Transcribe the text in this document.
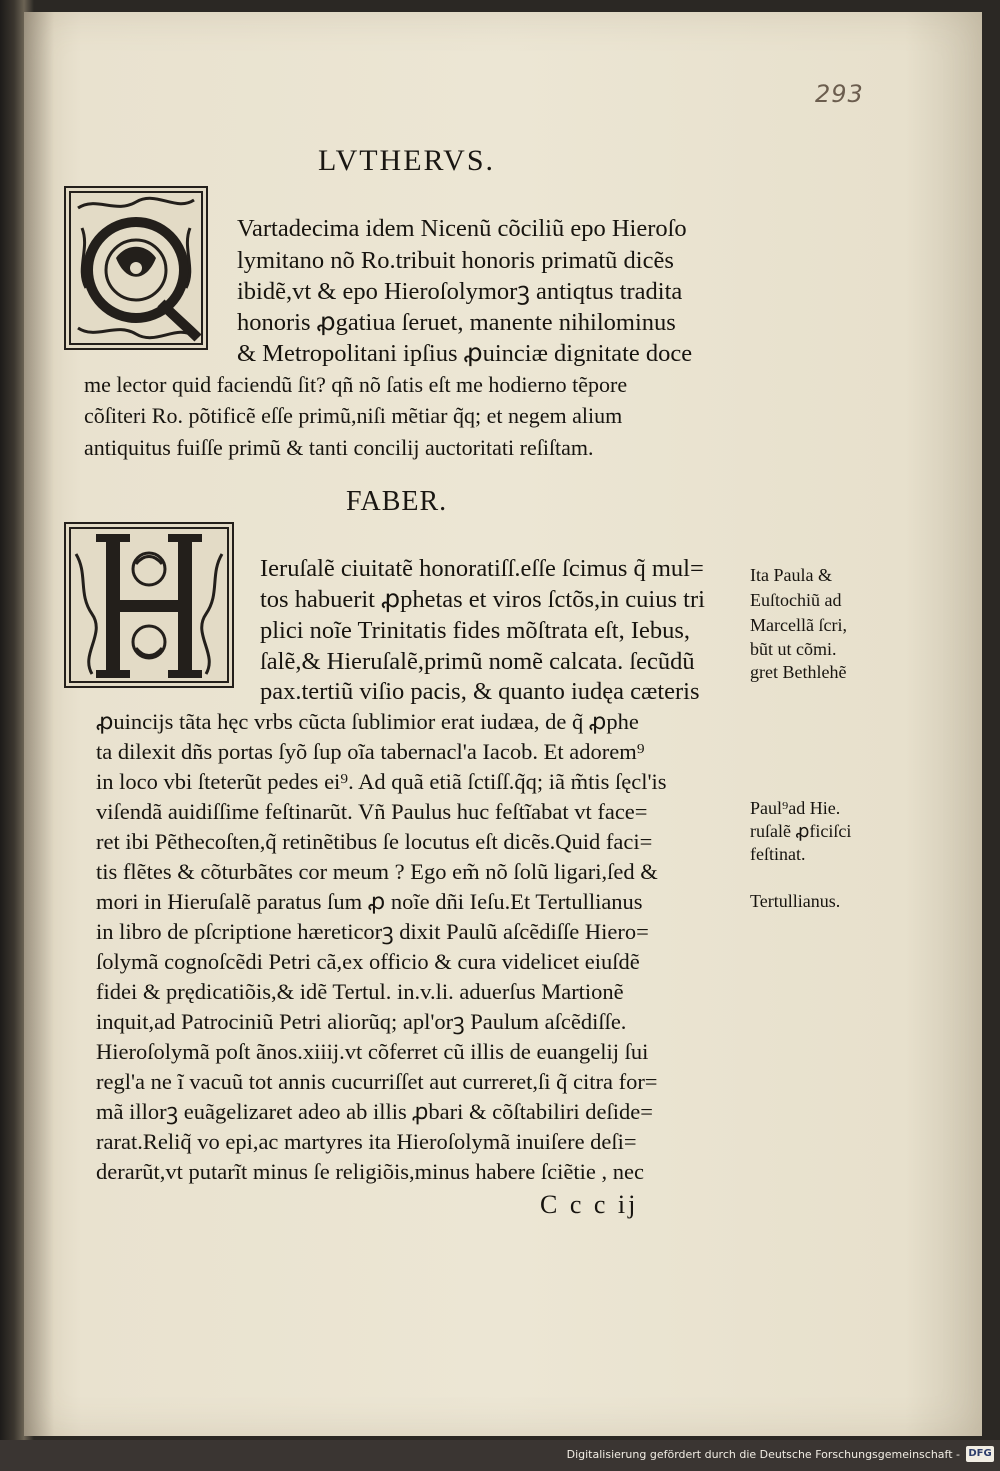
293
LVTHERVS.
Vartadecima idem Nicenũ cõciliũ epo Hieroſo
lymitano nõ Ro.tribuit honoris primatũ dicẽs
ibidẽ,vt & epo Hieroſolymorꝫ antiqtus tradita
honoris ꝓgatiua ſeruet, manente nihilominus
& Metropolitani ipſius ꝓuinciæ dignitate doce
me lector quid faciendũ ſit? qñ nõ ſatis eſt me hodierno tẽpore
cõſiteri Ro. põtificẽ eſſe primũ,niſi mẽtiar q̃q; et negem alium
antiquitus fuiſſe primũ & tanti concilij auctoritati reſiſtam.
FABER.
Ieruſalẽ ciuitatẽ honoratiſſ.eſſe ſcimus q̃ mul=
tos habuerit ꝓphetas et viros ſctõs,in cuius tri
plici noĩe Trinitatis fides mõſtrata eſt, Iebus,
ſalẽ,& Hieruſalẽ,primũ nomẽ calcata. ſecũdũ
pax.tertiũ viſio pacis, & quanto iudęa cæteris
ꝓuincijs tãta hęc vrbs cũcta ſublimior erat iudæa, de q̃ ꝓphe
ta dilexit dñs portas ſyõ ſup oĩa tabernacl'a Iacob. Et adorem⁹
in loco vbi ſteterũt pedes ei⁹. Ad quã etiã ſctiſſ.q̃q; iã m̃tis ſęcl'is
viſendã auidiſſime feſtinarũt. Vñ Paulus huc feſtĩabat vt face=
ret ibi Pẽthecoſten,q̃ retinẽtibus ſe locutus eſt dicẽs.Quid faci=
tis flẽtes & cõturbãtes cor meum ? Ego em̃ nõ ſolũ ligari,ſed &
mori in Hieruſalẽ paratus ſum ꝓ noĩe dñi Ieſu.Et Tertullianus
in libro de pſcriptione hæreticorꝫ dixit Paulũ aſcẽdiſſe Hiero=
ſolymã cognoſcẽdi Petri cã,ex officio & cura videlicet eiuſdẽ
fidei & prędicatiõis,& idẽ Tertul. in.v.li. aduerſus Martionẽ
inquit,ad Patrociniũ Petri aliorũq; apl'orꝫ Paulum aſcẽdiſſe.
Hieroſolymã poſt ãnos.xiiij.vt cõferret cũ illis de euangelij ſui
regl'a ne ĩ vacuũ tot annis cucurriſſet aut curreret,ſi q̃ citra for=
mã illorꝫ euãgelizaret adeo ab illis ꝓbari & cõſtabiliri deſide=
rarat.Reliq̃ vo epi,ac martyres ita Hieroſolymã inuiſere deſi=
derarũt,vt putarĩt minus ſe religiõis,minus habere ſciẽtie , nec
Ita Paula &
Euſtochiũ ad
Marcellã ſcri,
bũt ut cõmi.
gret Bethlehẽ
Paul⁹ad Hie.
ruſalẽ ꝓficiſci
feſtinat.
Tertullianus.
C c c ij
Digitalisierung gefördert durch die Deutsche Forschungsgemeinschaft - DFG
